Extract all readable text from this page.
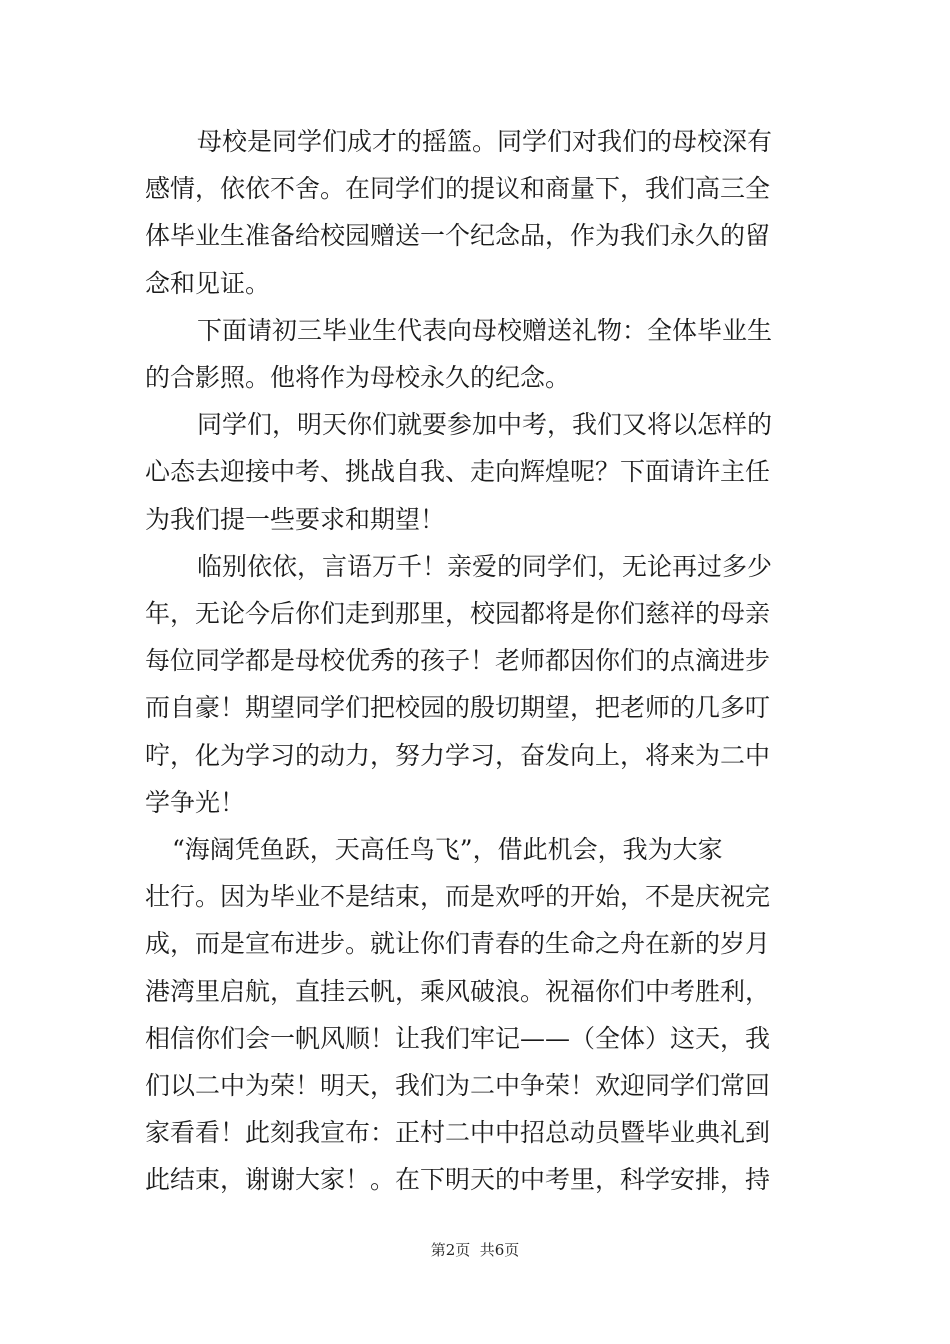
母校是同学们成才的摇篮。同学们对我们的母校深有
感情，依依不舍。在同学们的提议和商量下，我们高三全
体毕业生准备给校园赠送一个纪念品，作为我们永久的留
念和见证。
下面请初三毕业生代表向母校赠送礼物：全体毕业生
的合影照。他将作为母校永久的纪念。
同学们，明天你们就要参加中考，我们又将以怎样的
心态去迎接中考、挑战自我、走向辉煌呢？下面请许主任
为我们提一些要求和期望！
临别依依，言语万千！亲爱的同学们，无论再过多少
年，无论今后你们走到那里，校园都将是你们慈祥的母亲
每位同学都是母校优秀的孩子！老师都因你们的点滴进步
而自豪！期望同学们把校园的殷切期望，把老师的几多叮
咛，化为学习的动力，努力学习，奋发向上，将来为二中
学争光！
“海阔凭鱼跃，天高任鸟飞”，借此机会，我为大家
壮行。因为毕业不是结束，而是欢呼的开始，不是庆祝完
成，而是宣布进步。就让你们青春的生命之舟在新的岁月
港湾里启航，直挂云帆，乘风破浪。祝福你们中考胜利，
相信你们会一帆风顺！让我们牢记——（全体）这天，我
们以二中为荣！明天，我们为二中争荣！欢迎同学们常回
家看看！此刻我宣布：正村二中中招总动员暨毕业典礼到
此结束，谢谢大家！。在下明天的中考里，科学安排，持
第2页  共6页
